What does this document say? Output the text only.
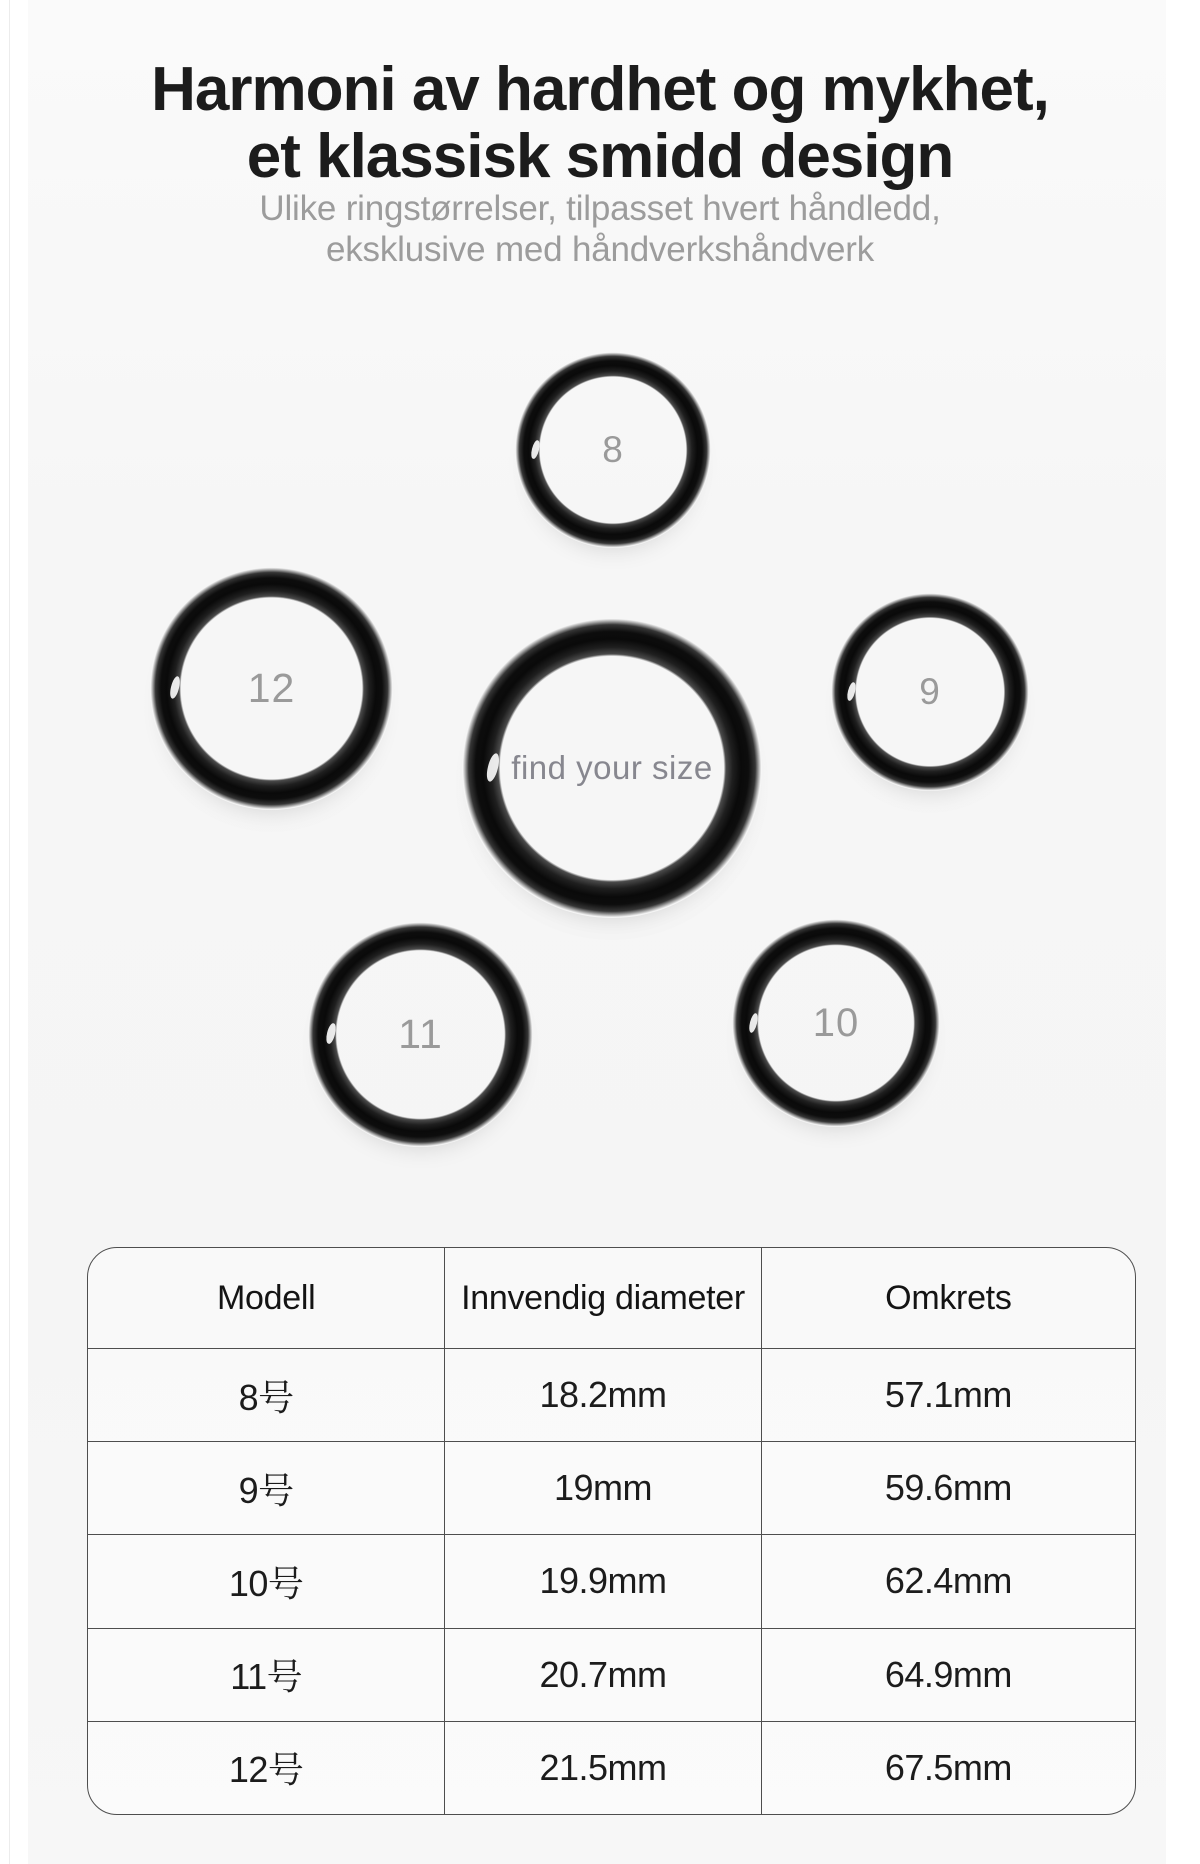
Harmoni av hardhet og mykhet,
et klassisk smidd design
Ulike ringstørrelser, tilpasset hvert håndledd,
eksklusive med håndverkshåndverk
8
12	9
find your size
11	10
Modell	Innvendig diameter	Omkrets
8号	18.2mm	57.1mm
9号	19mm	59.6mm
10号	19.9mm	62.4mm
11号	20.7mm	64.9mm
12号	21.5mm	67.5mm
